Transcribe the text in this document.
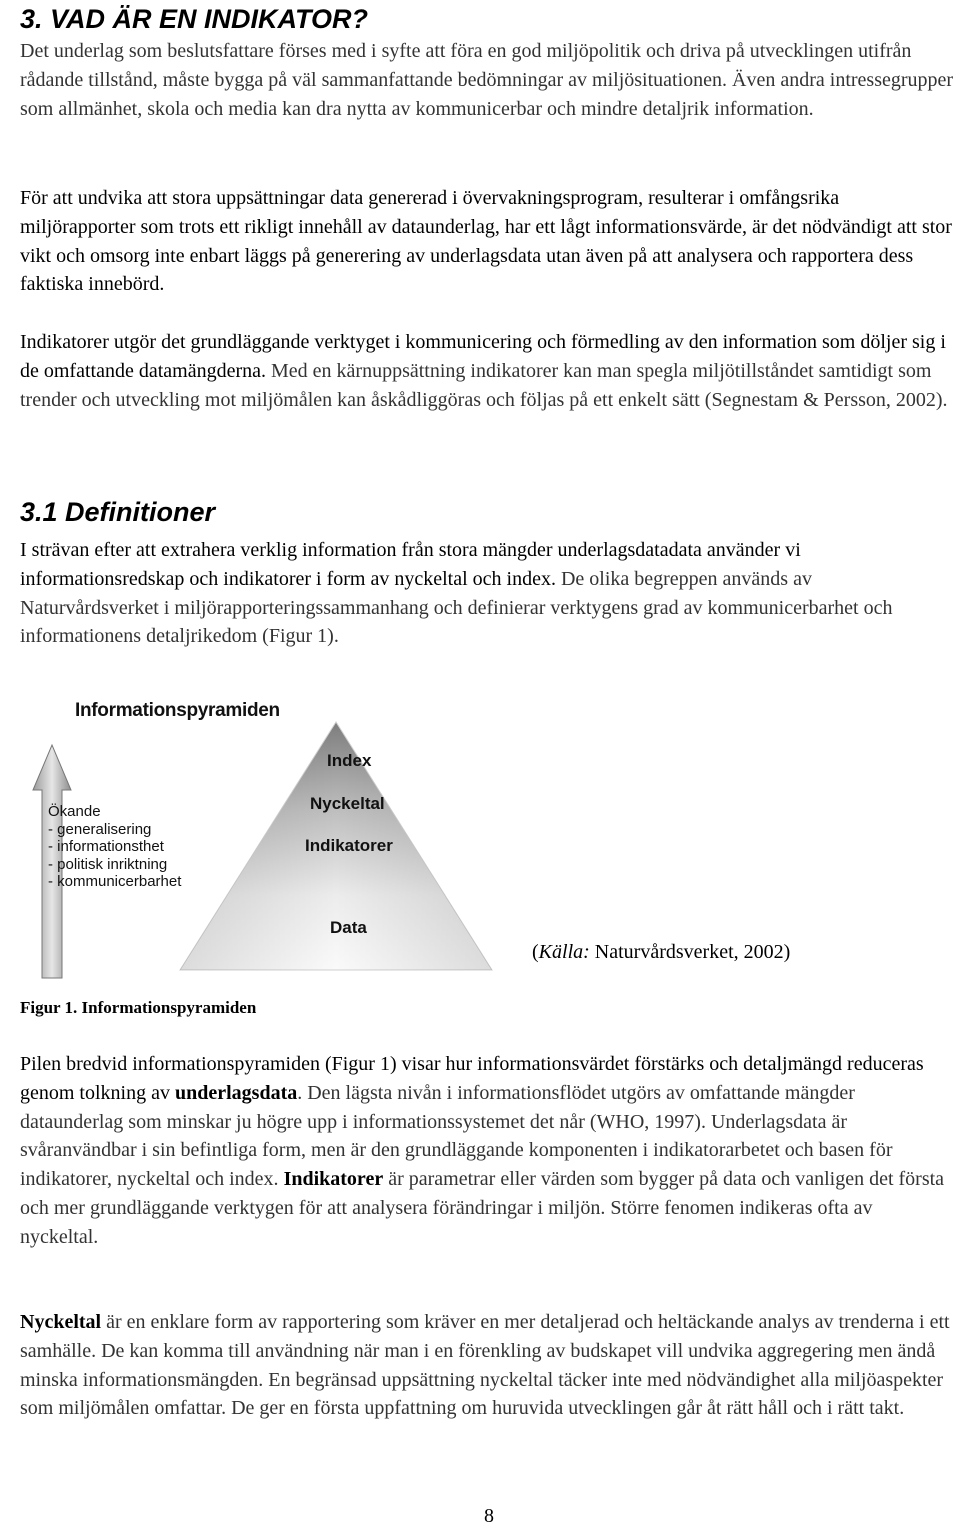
3. VAD ÄR EN INDIKATOR?

Det underlag som beslutsfattare förses med i syfte att föra en god miljöpolitik och driva på utvecklingen utifrån rådande tillstånd, måste bygga på väl sammanfattande bedömningar av miljösituationen. Även andra intressegrupper som allmänhet, skola och media kan dra nytta av kommunicerbar och mindre detaljrik information.

För att undvika att stora uppsättningar data genererad i övervakningsprogram, resulterar i omfångsrika miljörapporter som trots ett rikligt innehåll av dataunderlag, har ett lågt informationsvärde, är det nödvändigt att stor vikt och omsorg inte enbart läggs på generering av underlagsdata utan även på att analysera och rapportera dess faktiska innebörd.

Indikatorer utgör det grundläggande verktyget i kommunicering och förmedling av den information som döljer sig i de omfattande datamängderna. Med en kärnuppsättning indikatorer kan man spegla miljötillståndet samtidigt som trender och utveckling mot miljömålen kan åskådliggöras och följas på ett enkelt sätt (Segnestam & Persson, 2002).

3.1 Definitioner

I strävan efter att extrahera verklig information från stora mängder underlagsdatadata använder vi informationsredskap och indikatorer i form av nyckeltal och index. De olika begreppen används av Naturvårdsverket i miljörapporteringssammanhang och definierar verktygens grad av kommunicerbarhet och informationens detaljrikedom (Figur 1).

Informationspyramiden
Ökande
- generalisering
- informationsthet
- politisk inriktning
- kommunicerbarhet
Index
Nyckeltal
Indikatorer
Data
(Källa: Naturvårdsverket, 2002)
Figur 1. Informationspyramiden

Pilen bredvid informationspyramiden (Figur 1) visar hur informationsvärdet förstärks och detaljmängd reduceras genom tolkning av underlagsdata. Den lägsta nivån i informationsflödet utgörs av omfattande mängder dataunderlag som minskar ju högre upp i informationssystemet det når (WHO, 1997). Underlagsdata är svåranvändbar i sin befintliga form, men är den grundläggande komponenten i indikatorarbetet och basen för indikatorer, nyckeltal och index. Indikatorer är parametrar eller värden som bygger på data och vanligen det första och mer grundläggande verktygen för att analysera förändringar i miljön. Större fenomen indikeras ofta av nyckeltal.

Nyckeltal är en enklare form av rapportering som kräver en mer detaljerad och heltäckande analys av trenderna i ett samhälle. De kan komma till användning när man i en förenkling av budskapet vill undvika aggregering men ändå minska informationsmängden. En begränsad uppsättning nyckeltal täcker inte med nödvändighet alla miljöaspekter som miljömålen omfattar. De ger en första uppfattning om huruvida utvecklingen går åt rätt håll och i rätt takt.

8
